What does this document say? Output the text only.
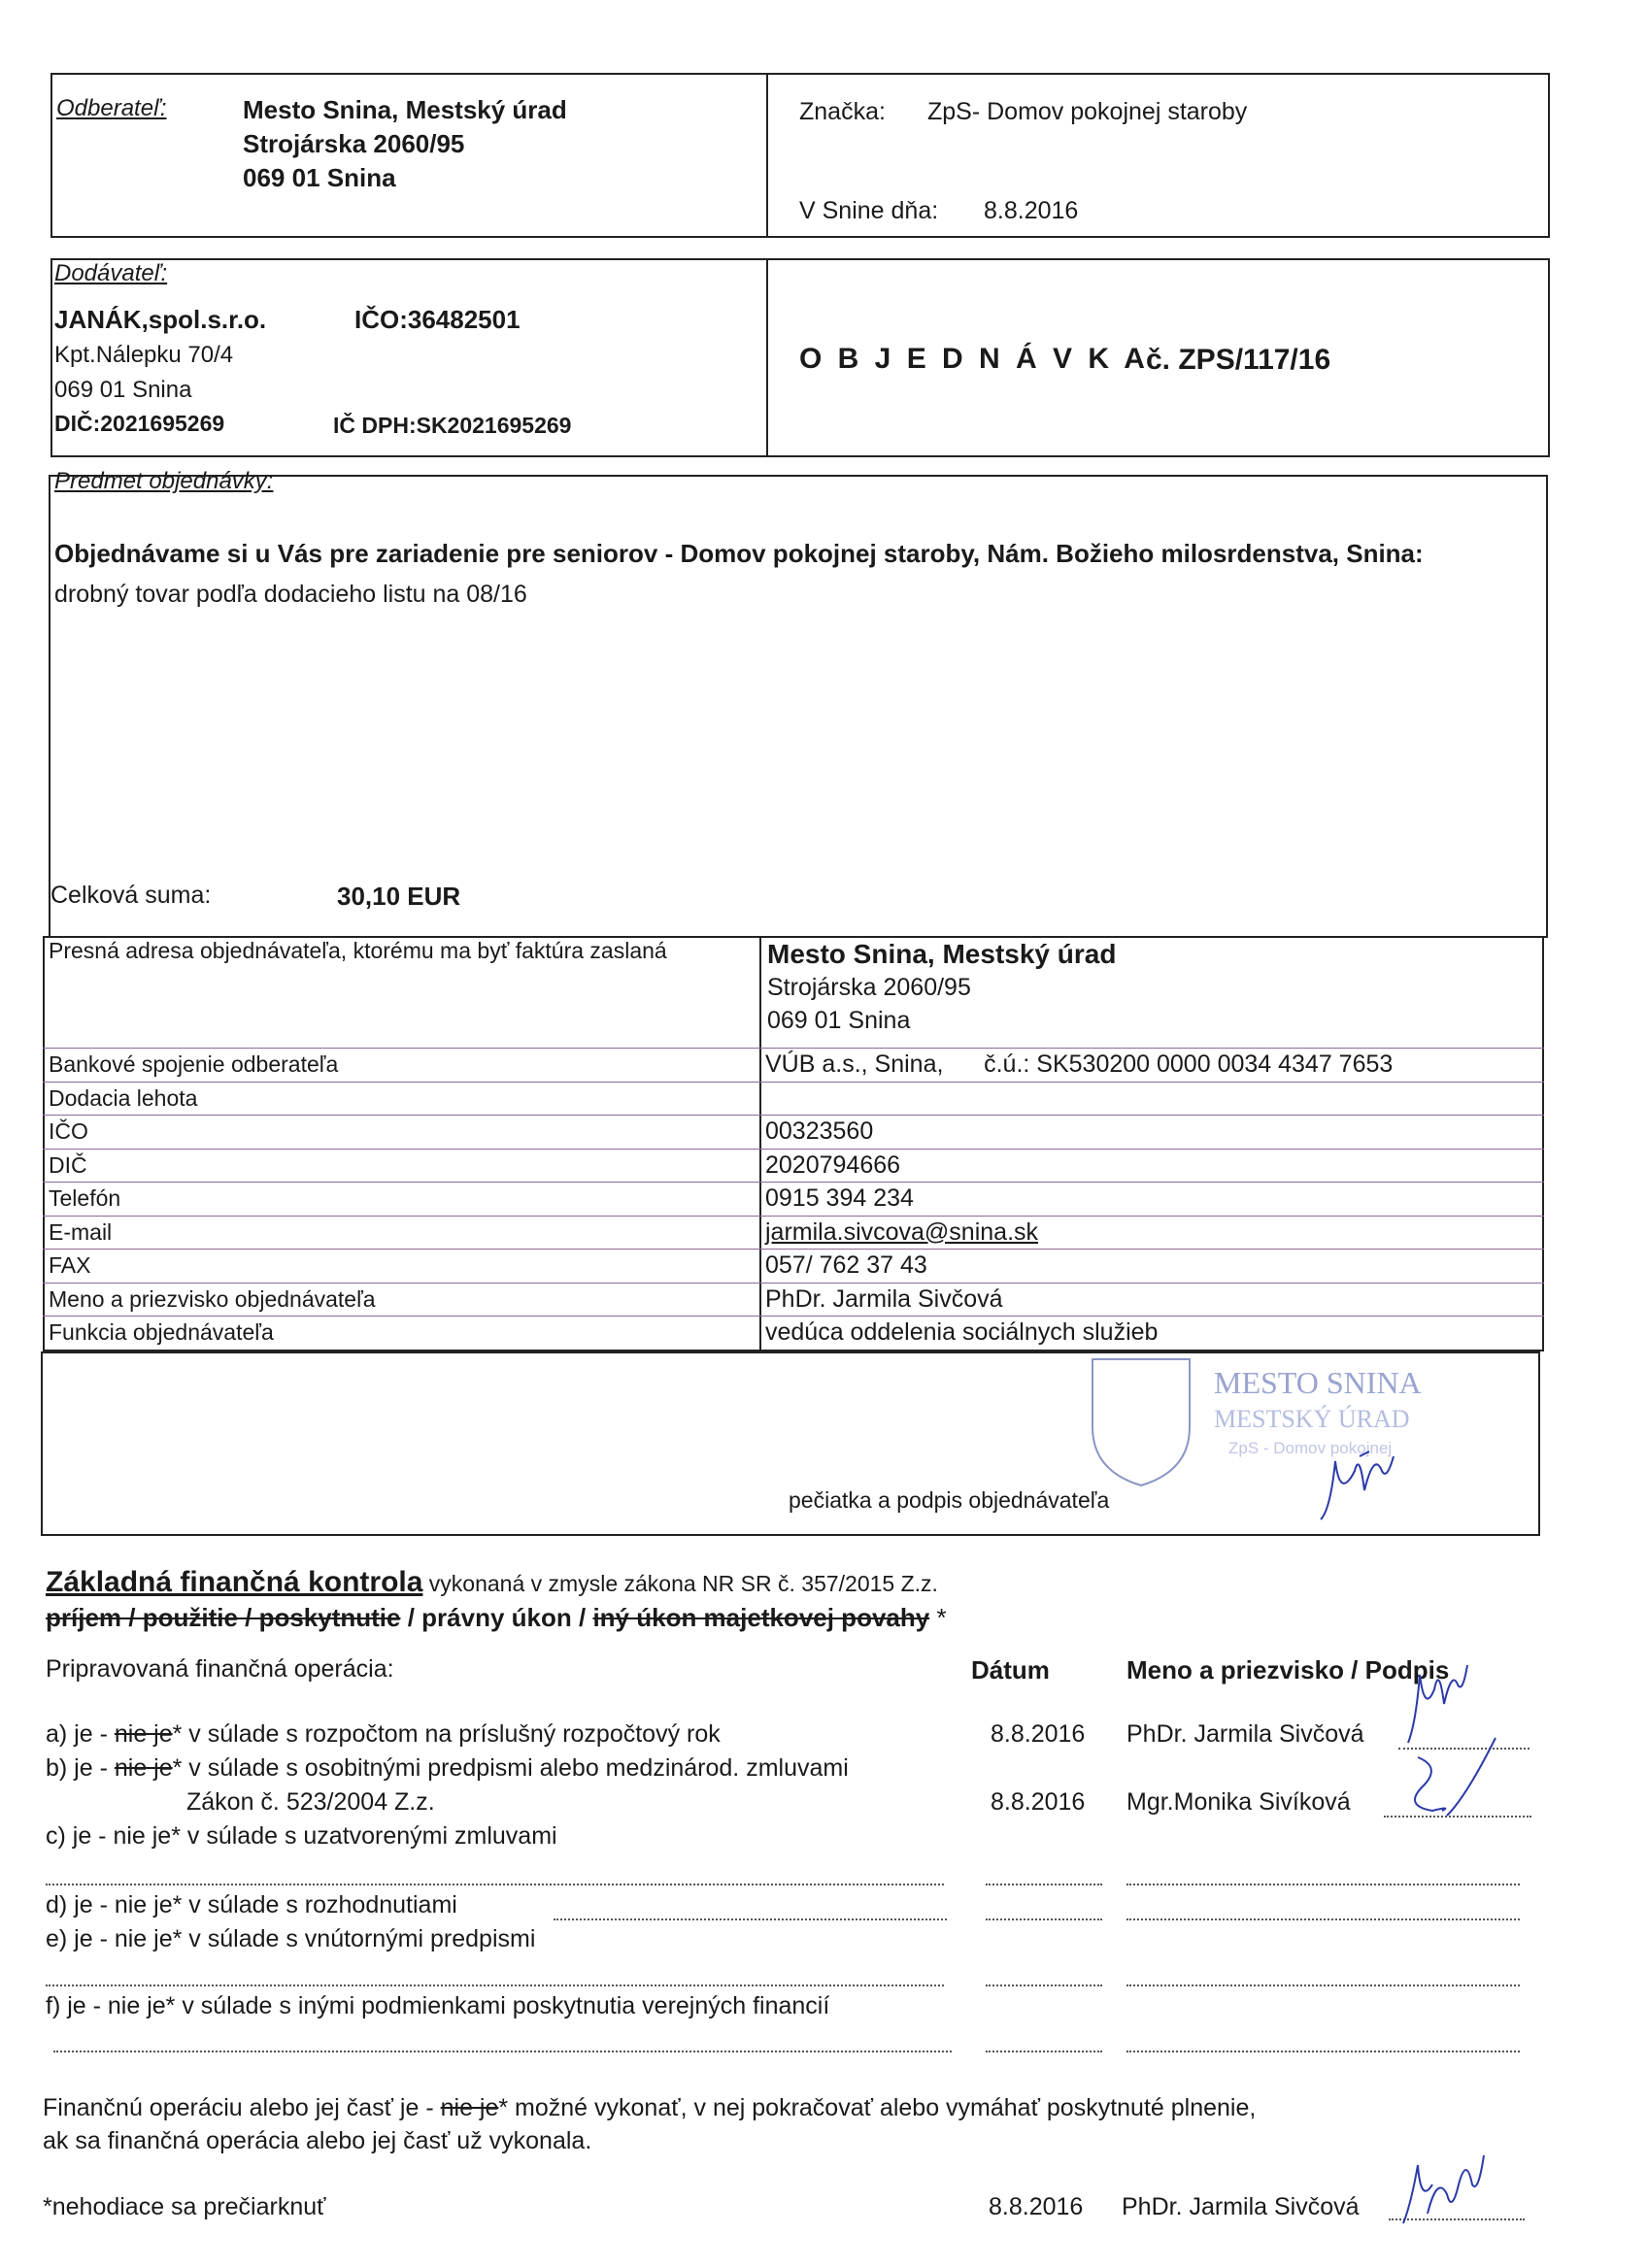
Odberateľ:	Mesto Snina, Mestský úrad
Strojárska 2060/95
069 01 Snina
Značka: ZpS- Domov pokojnej staroby
V Snine dňa: 8.8.2016
Dodávateľ:
JANÁK,spol.s.r.o.	IČO:36482501
Kpt.Nálepku 70/4
069 01 Snina
DIČ:2021695269	IČ DPH:SK2021695269
O B J E D N Á V K A
č. ZPS/117/16
Predmet objednávky:
Objednávame si u Vás pre zariadenie pre seniorov - Domov pokojnej staroby, Nám. Božieho milosrdenstva, Snina:
drobný tovar podľa dodacieho listu na 08/16
Celková suma:	30,10 EUR
Presná adresa objednávateľa, ktorému ma byť faktúra zaslaná	Mesto Snina, Mestský úrad
Strojárska 2060/95
069 01 Snina
Bankové spojenie odberateľa	VÚB a.s., Snina,      č.ú.: SK530200 0000 0034 4347 7653
Dodacia lehota
IČO	00323560
DIČ	2020794666
Telefón	0915 394 234
E-mail	jarmila.sivcova@snina.sk
FAX	057/ 762 37 43
Meno a priezvisko objednávateľa	PhDr. Jarmila Sivčová
Funkcia objednávateľa	vedúca oddelenia sociálnych služieb
MESTO SNINA
MESTSKÝ ÚRAD
ZpS - Domov pokojnej
pečiatka a podpis objednávateľa
Základná finančná kontrola vykonaná v zmysle zákona NR SR č. 357/2015 Z.z.
príjem / použitie / poskytnutie / právny úkon / iný úkon majetkovej povahy *
Pripravovaná finančná operácia:	Dátum	Meno a priezvisko / Podpis
a) je - nie je* v súlade s rozpočtom na príslušný rozpočtový rok	8.8.2016 PhDr. Jarmila Sivčová
b) je - nie je* v súlade s osobitnými predpismi alebo medzinárod. zmluvami
Zákon č. 523/2004 Z.z.	8.8.2016 Mgr.Monika Sivíková
c) je - nie je* v súlade s uzatvorenými zmluvami
d) je - nie je* v súlade s rozhodnutiami
e) je - nie je* v súlade s vnútornými predpismi
f) je - nie je* v súlade s inými podmienkami poskytnutia verejných financií
Finančnú operáciu alebo jej časť je - nie je* možné vykonať, v nej pokračovať alebo vymáhať poskytnuté plnenie,
ak sa finančná operácia alebo jej časť už vykonala.
*nehodiace sa prečiarknuť	8.8.2016 PhDr. Jarmila Sivčová
